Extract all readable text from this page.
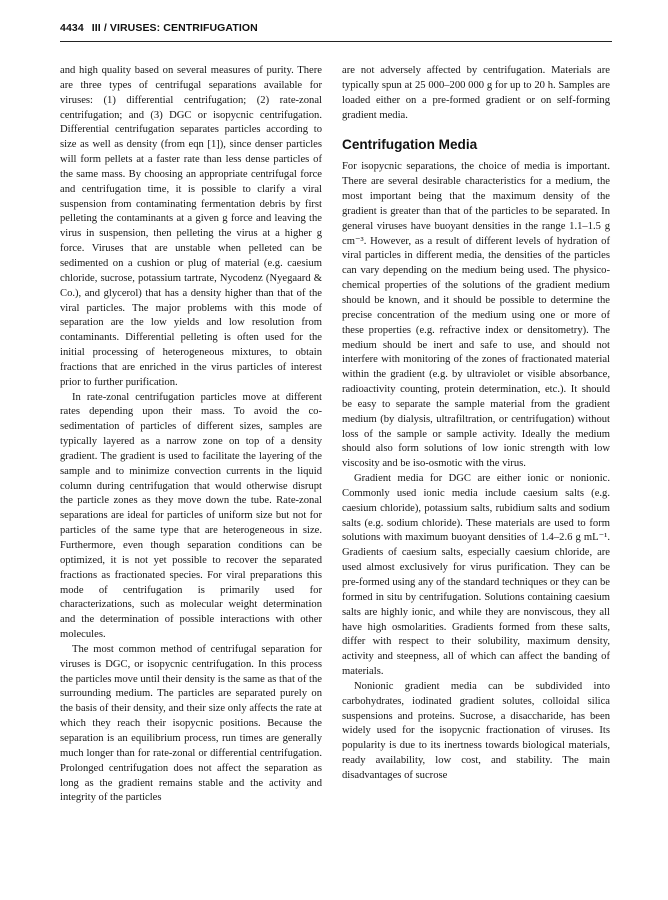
4434 III / VIRUSES: CENTRIFUGATION

and high quality based on several measures of purity. There are three types of centrifugal separations available for viruses: (1) differential centrifugation; (2) rate-zonal centrifugation; and (3) DGC or isopycnic centrifugation. Differential centrifugation separates particles according to size as well as density (from eqn [1]), since denser particles will form pellets at a faster rate than less dense particles of the same mass. By choosing an appropriate centrifugal force and centrifugation time, it is possible to clarify a viral suspension from contaminating fermentation debris by first pelleting the contaminants at a given g force and leaving the virus in suspension, then pelleting the virus at a higher g force. Viruses that are unstable when pelleted can be sedimented on a cushion or plug of material (e.g. caesium chloride, sucrose, potassium tartrate, Nycodenz (Nyegaard & Co.), and glycerol) that has a density higher than that of the viral particles. The major problems with this mode of separation are the low yields and low resolution from contaminants. Differential pelleting is often used for the initial processing of heterogeneous mixtures, to obtain fractions that are enriched in the virus particles of interest prior to further purification.

In rate-zonal centrifugation particles move at different rates depending upon their mass. To avoid the co-sedimentation of particles of different sizes, samples are typically layered as a narrow zone on top of a density gradient. The gradient is used to facilitate the layering of the sample and to minimize convection currents in the liquid column during centrifugation that would otherwise disrupt the particle zones as they move down the tube. Rate-zonal separations are ideal for particles of uniform size but not for particles of the same type that are heterogeneous in size. Furthermore, even though separation conditions can be optimized, it is not yet possible to recover the separated fractions as fractionated species. For viral preparations this mode of centrifugation is primarily used for characterizations, such as molecular weight determination and the determination of possible interactions with other molecules.

The most common method of centrifugal separation for viruses is DGC, or isopycnic centrifugation. In this process the particles move until their density is the same as that of the surrounding medium. The particles are separated purely on the basis of their density, and their size only affects the rate at which they reach their isopycnic positions. Because the separation is an equilibrium process, run times are generally much longer than for rate-zonal or differential centrifugation. Prolonged centrifugation does not affect the separation as long as the gradient remains stable and the activity and integrity of the particles

are not adversely affected by centrifugation. Materials are typically spun at 25 000–200 000 g for up to 20 h. Samples are loaded either on a pre-formed gradient or on self-forming gradient media.

Centrifugation Media

For isopycnic separations, the choice of media is important. There are several desirable characteristics for a medium, the most important being that the maximum density of the gradient is greater than that of the particles to be separated. In general viruses have buoyant densities in the range 1.1–1.5 g cm⁻³. However, as a result of different levels of hydration of viral particles in different media, the densities of the particles can vary depending on the medium being used. The physico-chemical properties of the solutions of the gradient medium should be known, and it should be possible to determine the precise concentration of the medium using one or more of these properties (e.g. refractive index or densitometry). The medium should be inert and safe to use, and should not interfere with monitoring of the zones of fractionated material within the gradient (e.g. by ultraviolet or visible absorbance, radioactivity counting, protein determination, etc.). It should be easy to separate the sample material from the gradient medium (by dialysis, ultrafiltration, or centrifugation) without loss of the sample or sample activity. Ideally the medium should also form solutions of low ionic strength with low viscosity and be iso-osmotic with the virus.

Gradient media for DGC are either ionic or nonionic. Commonly used ionic media include caesium salts (e.g. caesium chloride), potassium salts, rubidium salts and sodium salts (e.g. sodium chloride). These materials are used to form solutions with maximum buoyant densities of 1.4–2.6 g mL⁻¹. Gradients of caesium salts, especially caesium chloride, are used almost exclusively for virus purification. They can be pre-formed using any of the standard techniques or they can be formed in situ by centrifugation. Solutions containing caesium salts are highly ionic, and while they are nonviscous, they all have high osmolarities. Gradients formed from these salts, differ with respect to their solubility, maximum density, activity and steepness, all of which can affect the banding of materials.

Nonionic gradient media can be subdivided into carbohydrates, iodinated gradient solutes, colloidal silica suspensions and proteins. Sucrose, a disaccharide, has been widely used for the isopycnic fractionation of viruses. Its popularity is due to its inertness towards biological materials, ready availability, low cost, and stability. The main disadvantages of sucrose
